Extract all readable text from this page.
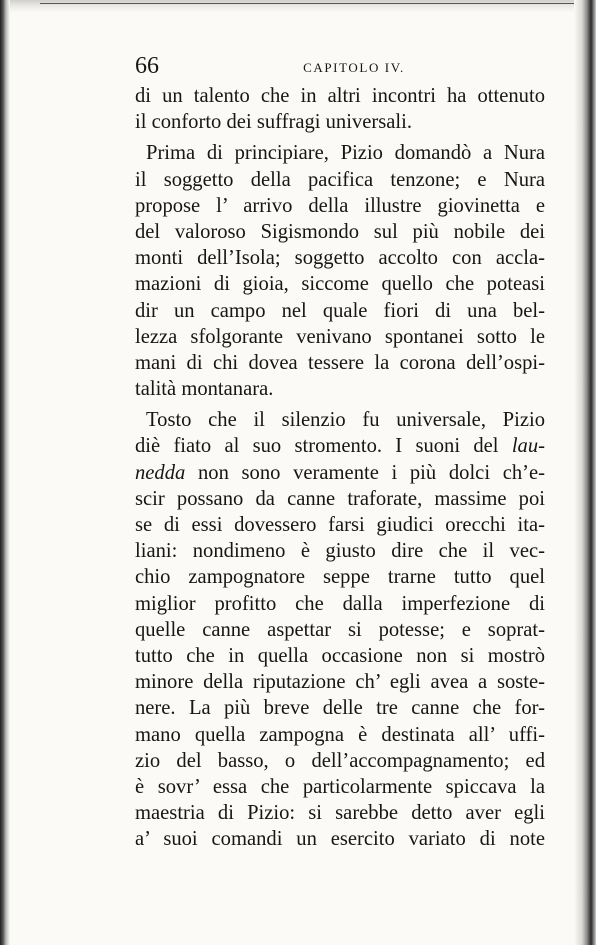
66	CAPITOLO IV.
di un talento che in altri incontri ha ottenuto
il conforto dei suffragi universali.
Prima di principiare, Pizio domandò a Nura
il soggetto della pacifica tenzone; e Nura
propose l’ arrivo della illustre giovinetta e
del valoroso Sigismondo sul più nobile dei
monti dell’Isola; soggetto accolto con accla-
mazioni di gioia, siccome quello che poteasi
dir un campo nel quale fiori di una bel-
lezza sfolgorante venivano spontanei sotto le
mani di chi dovea tessere la corona dell’ospi-
talità montanara.
Tosto che il silenzio fu universale, Pizio
diè fiato al suo stromento. I suoni del lau-
nedda non sono veramente i più dolci ch’e-
scir possano da canne traforate, massime poi
se di essi dovessero farsi giudici orecchi ita-
liani: nondimeno è giusto dire che il vec-
chio zampognatore seppe trarne tutto quel
miglior profitto che dalla imperfezione di
quelle canne aspettar si potesse; e soprat-
tutto che in quella occasione non si mostrò
minore della riputazione ch’ egli avea a soste-
nere. La più breve delle tre canne che for-
mano quella zampogna è destinata all’ uffi-
zio del basso, o dell’accompagnamento; ed
è sovr’ essa che particolarmente spiccava la
maestria di Pizio: si sarebbe detto aver egli
a’ suoi comandi un esercito variato di note
